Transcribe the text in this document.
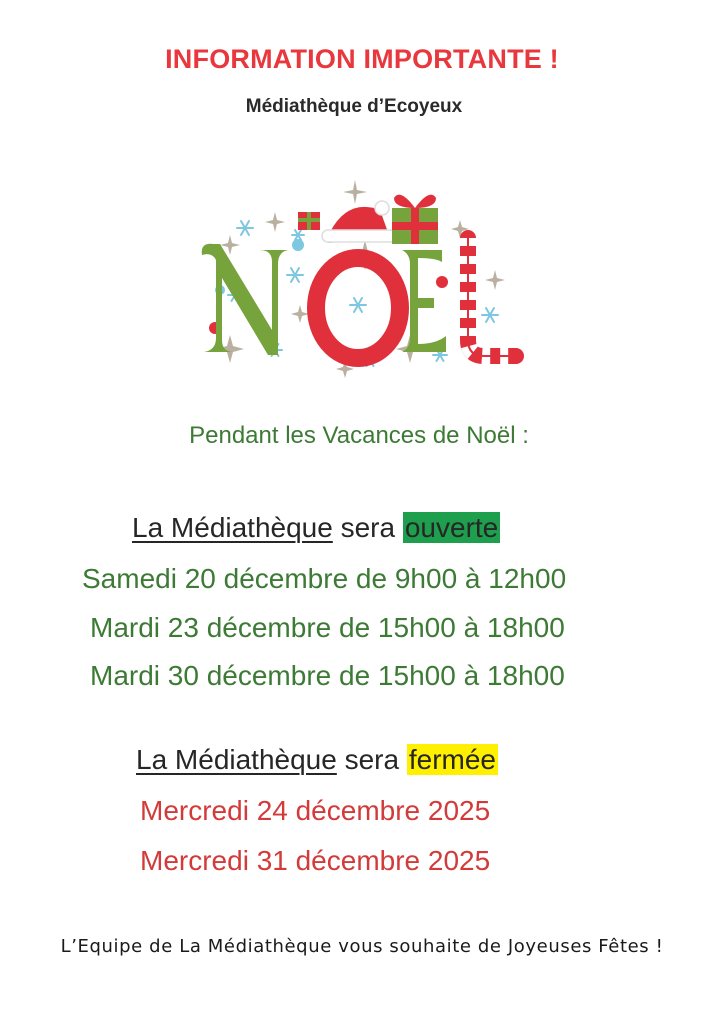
INFORMATION IMPORTANTE !
Médiathèque d’Ecoyeux
Pendant les Vacances de Noël :
La Médiathèque sera ouverte
Samedi 20 décembre de 9h00 à 12h00
Mardi 23 décembre de 15h00 à 18h00
Mardi 30 décembre de 15h00 à 18h00
La Médiathèque sera fermée
Mercredi 24 décembre 2025
Mercredi 31 décembre 2025
L’Equipe de La Médiathèque vous souhaite de Joyeuses Fêtes !
